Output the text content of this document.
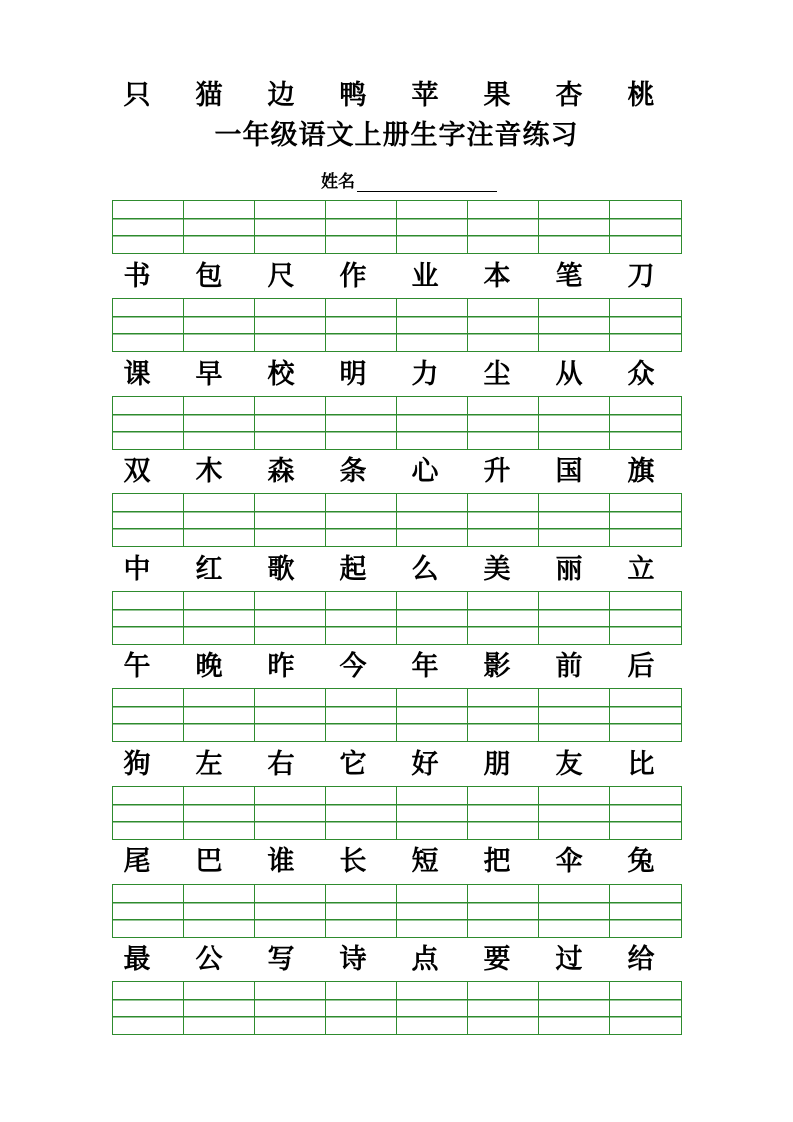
只	猫	边	鸭	苹	果	杏	桃
一年级语文上册生字注音练习
姓名
书	包	尺	作	业	本	笔	刀
课	早	校	明	力	尘	从	众
双	木	森	条	心	升	国	旗
中	红	歌	起	么	美	丽	立
午	晚	昨	今	年	影	前	后
狗	左	右	它	好	朋	友	比
尾	巴	谁	长	短	把	伞	兔
最	公	写	诗	点	要	过	给
